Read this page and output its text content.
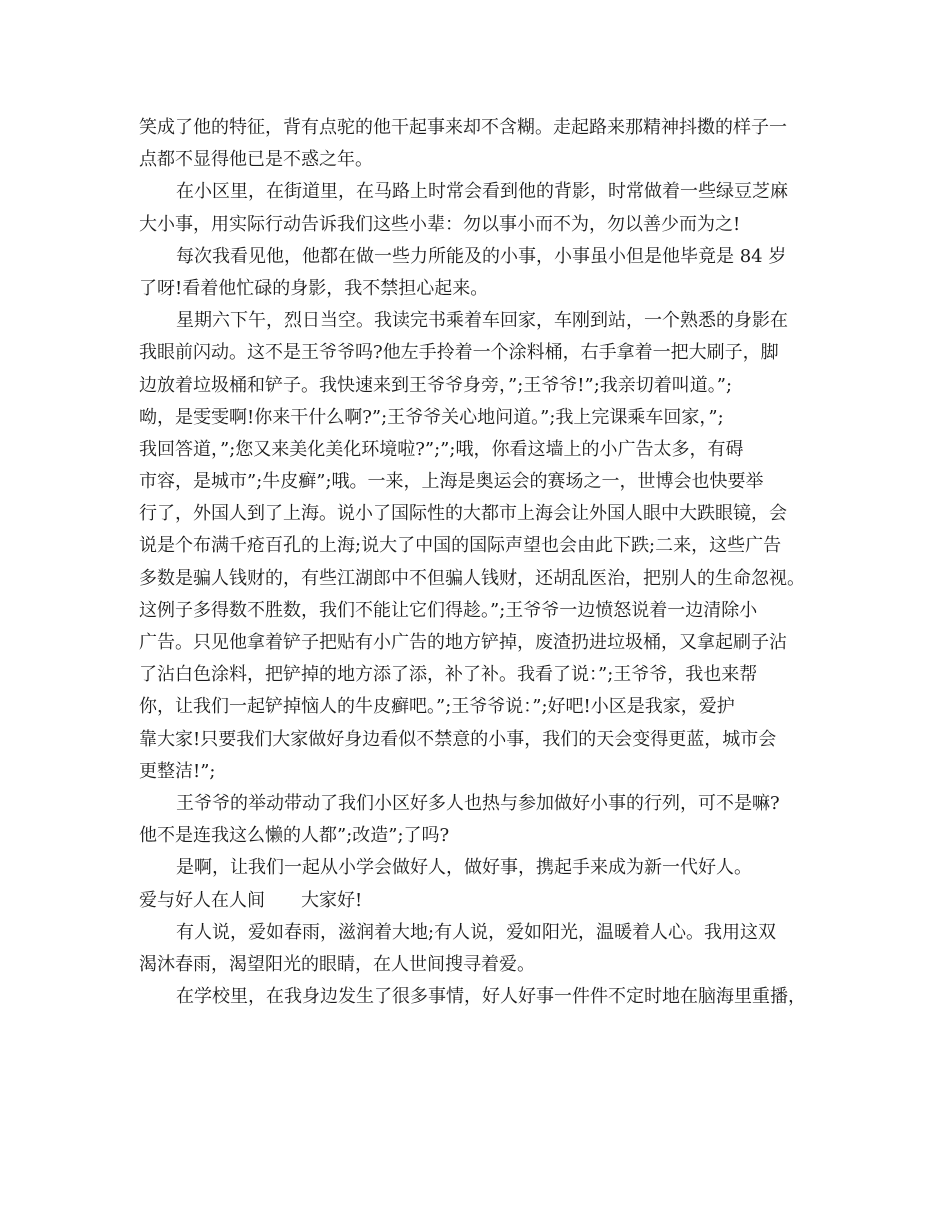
笑成了他的特征，背有点驼的他干起事来却不含糊。走起路来那精神抖擞的样子一
点都不显得他已是不惑之年。
在小区里，在街道里，在马路上时常会看到他的背影，时常做着一些绿豆芝麻
大小事，用实际行动告诉我们这些小辈：勿以事小而不为，勿以善少而为之!
每次我看见他，他都在做一些力所能及的小事，小事虽小但是他毕竟是 84 岁
了呀!看着他忙碌的身影，我不禁担心起来。
星期六下午，烈日当空。我读完书乘着车回家，车刚到站，一个熟悉的身影在
我眼前闪动。这不是王爷爷吗?他左手拎着一个涂料桶，右手拿着一把大刷子，脚
边放着垃圾桶和铲子。我快速来到王爷爷身旁，”;王爷爷!”;我亲切着叫道。”;
呦，是雯雯啊!你来干什么啊?”;王爷爷关心地问道。”;我上完课乘车回家，”;
我回答道，”;您又来美化美化环境啦?”;”;哦，你看这墙上的小广告太多，有碍
市容，是城市”;牛皮癣”;哦。一来，上海是奥运会的赛场之一，世博会也快要举
行了，外国人到了上海。说小了国际性的大都市上海会让外国人眼中大跌眼镜，会
说是个布满千疮百孔的上海;说大了中国的国际声望也会由此下跌;二来，这些广告
多数是骗人钱财的，有些江湖郎中不但骗人钱财，还胡乱医治，把别人的生命忽视。
这例子多得数不胜数，我们不能让它们得趁。”;王爷爷一边愤怒说着一边清除小
广告。只见他拿着铲子把贴有小广告的地方铲掉，废渣扔进垃圾桶，又拿起刷子沾
了沾白色涂料，把铲掉的地方添了添，补了补。我看了说：”;王爷爷，我也来帮
你，让我们一起铲掉恼人的牛皮癣吧。”;王爷爷说：”;好吧!小区是我家，爱护
靠大家!只要我们大家做好身边看似不禁意的小事，我们的天会变得更蓝，城市会
更整洁!”;
王爷爷的举动带动了我们小区好多人也热与参加做好小事的行列，可不是嘛?
他不是连我这么懒的人都”;改造”;了吗?
是啊，让我们一起从小学会做好人，做好事，携起手来成为新一代好人。
爱与好人在人间　　大家好!
有人说，爱如春雨，滋润着大地;有人说，爱如阳光，温暖着人心。我用这双
渴沐春雨，渴望阳光的眼睛，在人世间搜寻着爱。
在学校里，在我身边发生了很多事情，好人好事一件件不定时地在脑海里重播，
